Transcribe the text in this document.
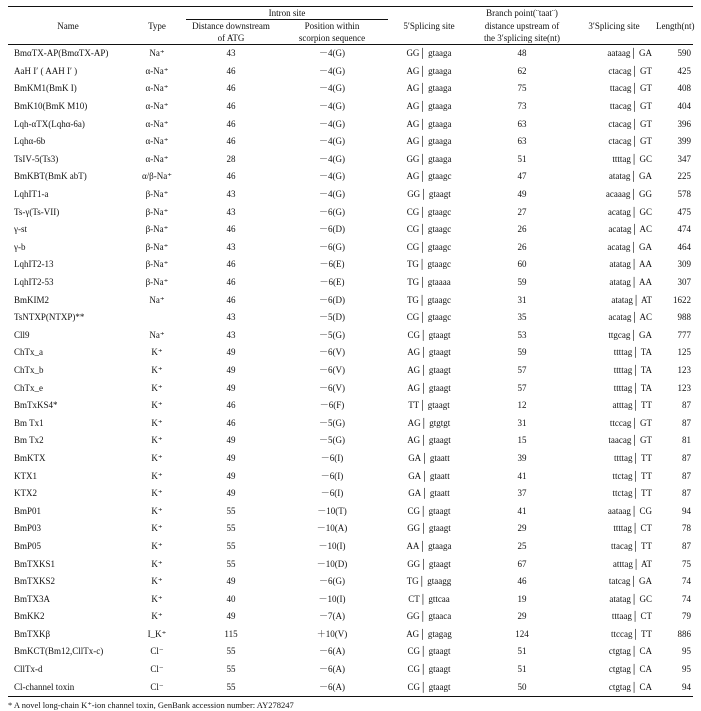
Name	Type	Intron site		5′Splicing site	Branch point(¨taat¨)	3′Splicing site	Length(nt)
		Distance downstream	Position within		distance upstream of		
		of ATG	scorpion sequence		the 3′splicing site(nt)		
BmαTX‑AP(BmαTX‑AP)	Na⁺	43	－4(G)	GG│ gtaaga	48	aataag│ GA	590
AaH I′ ( AAH I′ )	α‑Na⁺	46	－4(G)	AG│ gtaaga	62	ctacag│ GT	425
BmKM1(BmK I)	α‑Na⁺	46	－4(G)	AG│ gtaaga	75	ttacag│ GT	408
BmK10(BmK M10)	α‑Na⁺	46	－4(G)	AG│ gtaaga	73	ttacag│ GT	404
Lqh‑αTX(Lqhα‑6a)	α‑Na⁺	46	－4(G)	AG│ gtaaga	63	ctacag│ GT	396
Lqhα‑6b	α‑Na⁺	46	－4(G)	AG│ gtaaga	63	ctacag│ GT	399
TsIV‑5(Ts3)	α‑Na⁺	28	－4(G)	GG│ gtaaga	51	ttttag│ GC	347
BmKBT(BmK abT)	α/β‑Na⁺	46	－4(G)	AG│ gtaagc	47	atatag│ GA	225
LqhIT1‑a	β‑Na⁺	43	－4(G)	GG│ gtaagt	49	acaaag│ GG	578
Ts‑γ(Ts‑VII)	β‑Na⁺	43	－6(G)	CG│ gtaagc	27	acatag│ GC	475
γ‑st	β‑Na⁺	46	－6(D)	CG│ gtaagc	26	acatag│ AC	474
γ‑b	β‑Na⁺	43	－6(G)	CG│ gtaagc	26	acatag│ GA	464
LqhIT2‑13	β‑Na⁺	46	－6(E)	TG│ gtaagc	60	atatag│ AA	309
LqhIT2‑53	β‑Na⁺	46	－6(E)	TG│ gtaaaa	59	atatag│ AA	307
BmKIM2	Na⁺	46	－6(D)	TG│ gtaagc	31	atatag│ AT	1622
TsNTXP(NTXP)**		43	－5(D)	CG│ gtaagc	35	acatag│ AC	988
Cll9	Na⁺	43	－5(G)	CG│ gtaagt	53	ttgcag│ GA	777
ChTx_a	K⁺	49	－6(V)	AG│ gtaagt	59	ttttag│ TA	125
ChTx_b	K⁺	49	－6(V)	AG│ gtaagt	57	ttttag│ TA	123
ChTx_e	K⁺	49	－6(V)	AG│ gtaagt	57	ttttag│ TA	123
BmTxKS4*	K⁺	46	－6(F)	TT│ gtaagt	12	atttag│ TT	87
Bm Tx1	K⁺	46	－5(G)	AG│ gtgtgt	31	ttccag│ GT	87
Bm Tx2	K⁺	49	－5(G)	AG│ gtaagt	15	taacag│ GT	81
BmKTX	K⁺	49	－6(I)	GA│ gtaatt	39	ttttag│ TT	87
KTX1	K⁺	49	－6(I)	GA│ gtaatt	41	ttctag│ TT	87
KTX2	K⁺	49	－6(I)	GA│ gtaatt	37	ttctag│ TT	87
BmP01	K⁺	55	－10(T)	CG│ gtaagt	41	aataag│ CG	94
BmP03	K⁺	55	－10(A)	GG│ gtaagt	29	ttttag│ CT	78
BmP05	K⁺	55	－10(I)	AA│ gtaaga	25	ttacag│ TT	87
BmTXKS1	K⁺	55	－10(D)	GG│ gtaagt	67	atttag│ AT	75
BmTXKS2	K⁺	49	－6(G)	TG│ gtaagg	46	tatcag│ GA	74
BmTX3A	K⁺	40	－10(I)	CT│ gttcaa	19	atatag│ GC	74
BmKK2	K⁺	49	－7(A)	GG│ gtaaca	29	tttaag│ CT	79
BmTXKβ	I_K⁺	115	＋10(V)	AG│ gtagag	124	ttccag│ TT	886
BmKCT(Bm12,CllTx‑c)	Cl⁻	55	－6(A)	CG│ gtaagt	51	ctgtag│ CA	95
CllTx‑d	Cl⁻	55	－6(A)	CG│ gtaagt	51	ctgtag│ CA	95
Cl‑channel toxin	Cl⁻	55	－6(A)	CG│ gtaagt	50	ctgtag│ CA	94
* A novel long‑chain K⁺‑ion channel toxin, GenBank accession number: AY278247
